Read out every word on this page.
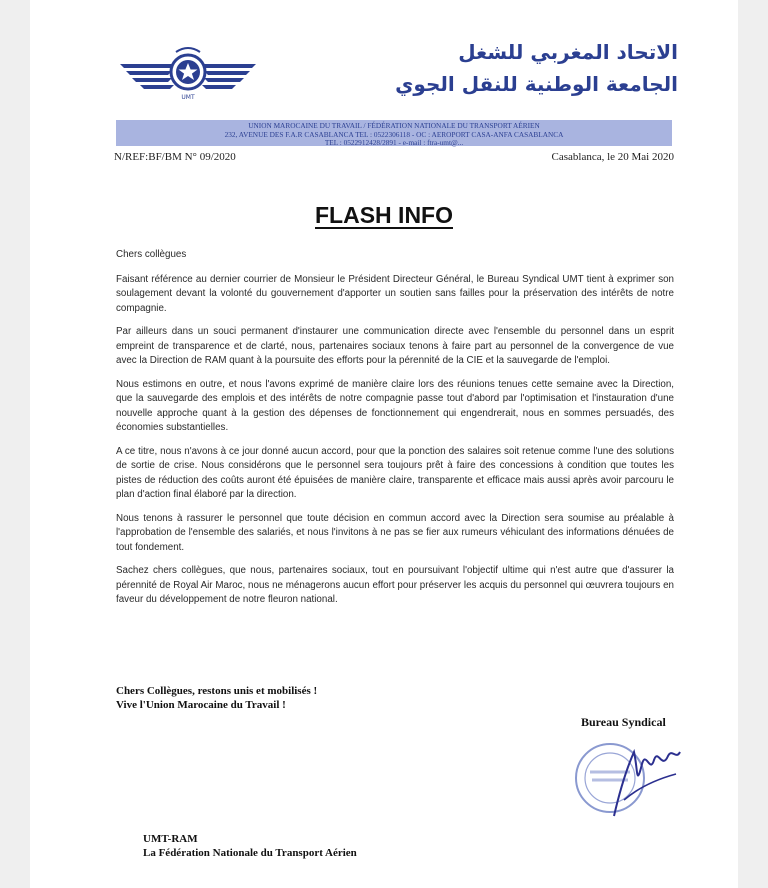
UMT
الاتحاد المغربي للشغل
الجامعة الوطنية للنقل الجوي
UNION MAROCAINE DU TRAVAIL / FÉDÉRATION NATIONALE DU TRANSPORT AÉRIEN
232, AVENUE DES F.A.R CASABLANCA TEL : 0522306118 - OC : AEROPORT CASA-ANFA CASABLANCA
TEL : 0522912428/2891 - e-mail : ftra-umt@...
N/REF:BF/BM N° 09/2020	Casablanca, le 20 Mai 2020
FLASH INFO

Chers collègues

Faisant référence au dernier courrier de Monsieur le Président Directeur Général, le Bureau Syndical UMT tient à exprimer son soulagement devant la volonté du gouvernement d'apporter un soutien sans failles pour la préservation des intérêts de notre compagnie.

Par ailleurs dans un souci permanent d'instaurer une communication directe avec l'ensemble du personnel dans un esprit empreint de transparence et de clarté, nous, partenaires sociaux tenons à faire part au personnel de la convergence de vue avec la Direction de RAM quant à la poursuite des efforts pour la pérennité de la CIE et la sauvegarde de l'emploi.

Nous estimons en outre, et nous l'avons exprimé de manière claire lors des réunions tenues cette semaine avec la Direction, que la sauvegarde des emplois et des intérêts de notre compagnie passe tout d'abord par l'optimisation et l'instauration d'une nouvelle approche quant à la gestion des dépenses de fonctionnement qui engendrerait, nous en sommes persuadés, des économies substantielles.

A ce titre, nous n'avons à ce jour donné aucun accord, pour que la ponction des salaires soit retenue comme l'une des solutions de sortie de crise. Nous considérons que le personnel sera toujours prêt à faire des concessions à condition que toutes les pistes de réduction des coûts auront été épuisées de manière claire, transparente et efficace mais aussi après avoir parcouru le plan d'action final élaboré par la direction.

Nous tenons à rassurer le personnel que toute décision en commun accord avec la Direction sera soumise au préalable à l'approbation de l'ensemble des salariés, et nous l'invitons à ne pas se fier aux rumeurs véhiculant des informations dénuées de tout fondement.

Sachez chers collègues, que nous, partenaires sociaux, tout en poursuivant l'objectif ultime qui n'est autre que d'assurer la pérennité de Royal Air Maroc, nous ne ménagerons aucun effort pour préserver les acquis du personnel qui œuvrera toujours en faveur du développement de notre fleuron national.

Chers Collègues, restons unis et mobilisés !
Vive l'Union Marocaine du Travail !
Bureau Syndical
UMT-RAM
La Fédération Nationale du Transport Aérien
